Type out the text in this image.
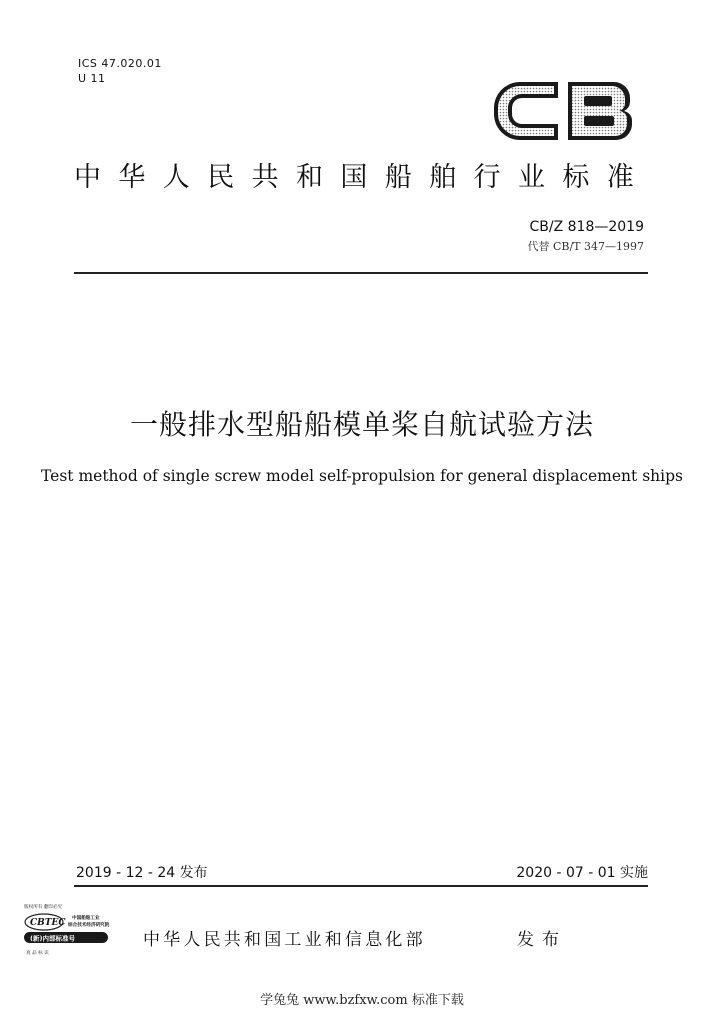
ICS 47.020.01
U 11
中华人民共和国船舶行业标准
CB/Z 818—2019
代替 CB/T 347—1997
一般排水型船船模单桨自航试验方法
Test method of single screw model self-propulsion for general displacement ships
2019 - 12 - 24 发布	2020 - 07 - 01 实施
版权所有 翻印必究
CBTEC 中国船舶工业
综合技术经济研究院
(新)内部标准号
真 品 标 识
中华人民共和国工业和信息化部	发布
学兔兔 www.bzfxw.com 标准下载
